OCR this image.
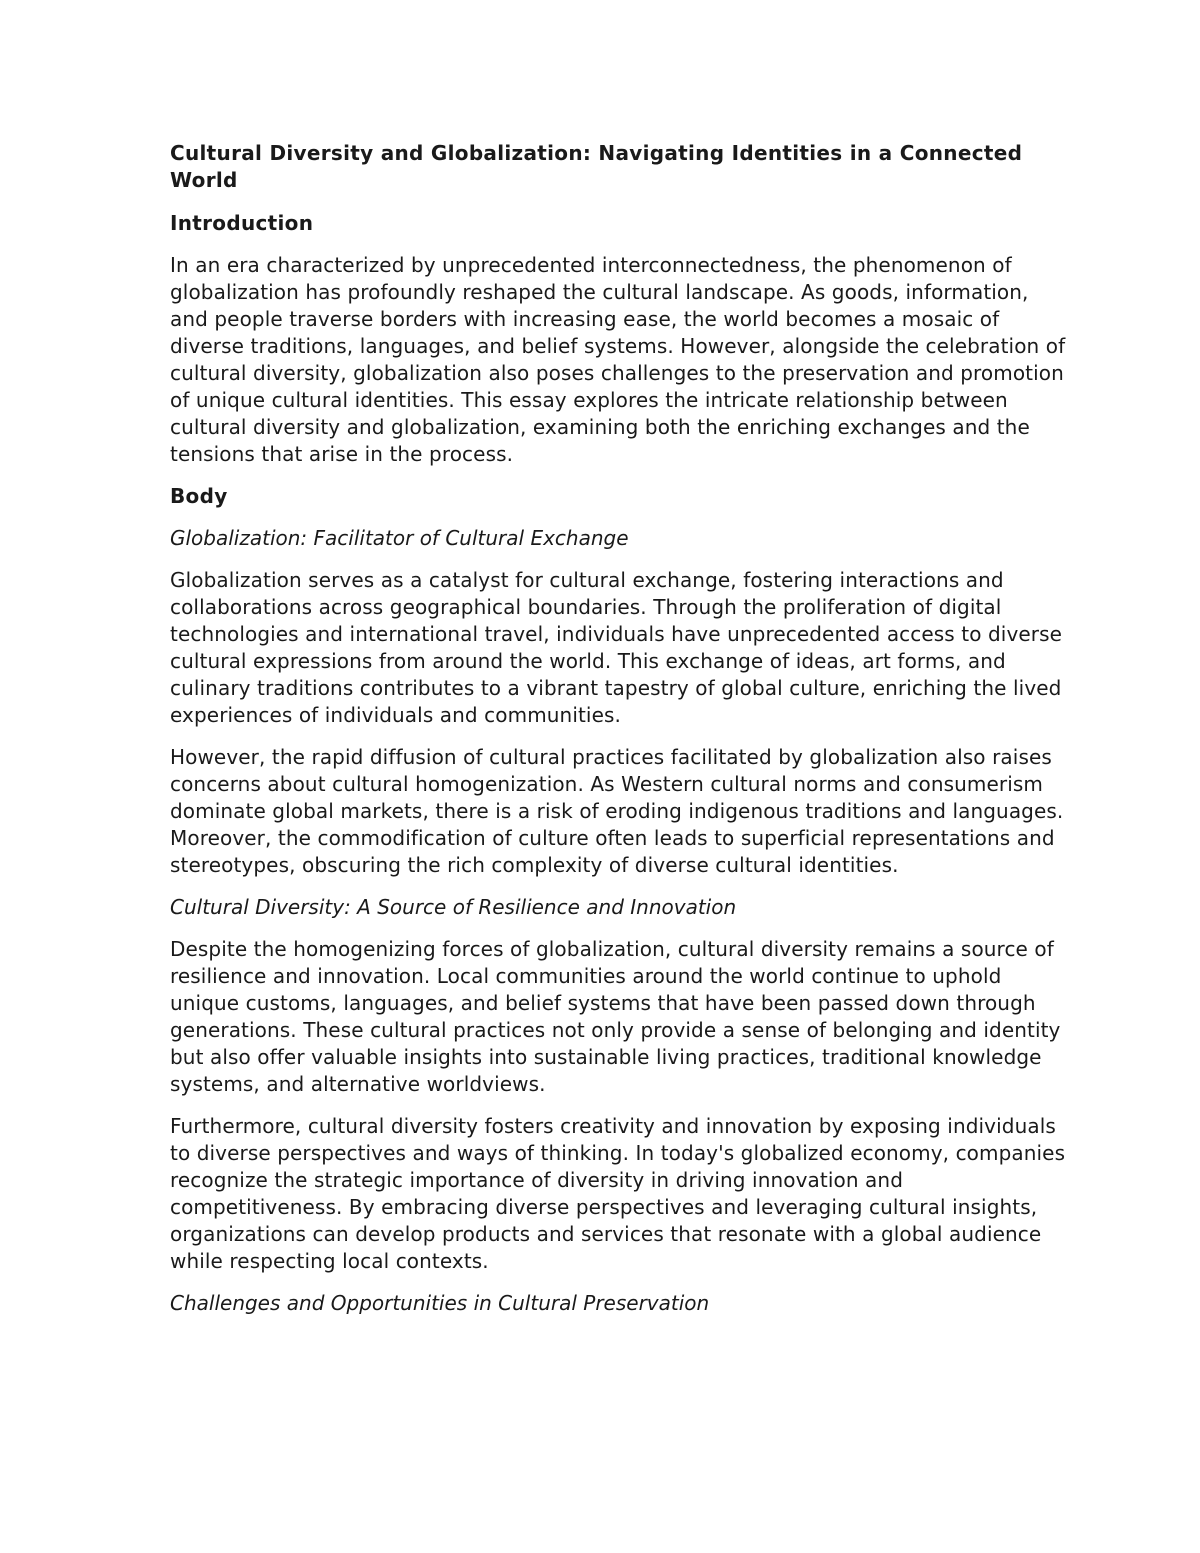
Cultural Diversity and Globalization: Navigating Identities in a Connected World
Introduction

In an era characterized by unprecedented interconnectedness, the phenomenon of globalization has profoundly reshaped the cultural landscape. As goods, information, and people traverse borders with increasing ease, the world becomes a mosaic of diverse traditions, languages, and belief systems. However, alongside the celebration of cultural diversity, globalization also poses challenges to the preservation and promotion of unique cultural identities. This essay explores the intricate relationship between cultural diversity and globalization, examining both the enriching exchanges and the tensions that arise in the process.

Body
Globalization: Facilitator of Cultural Exchange

Globalization serves as a catalyst for cultural exchange, fostering interactions and collaborations across geographical boundaries. Through the proliferation of digital technologies and international travel, individuals have unprecedented access to diverse cultural expressions from around the world. This exchange of ideas, art forms, and culinary traditions contributes to a vibrant tapestry of global culture, enriching the lived experiences of individuals and communities.

However, the rapid diffusion of cultural practices facilitated by globalization also raises concerns about cultural homogenization. As Western cultural norms and consumerism dominate global markets, there is a risk of eroding indigenous traditions and languages. Moreover, the commodification of culture often leads to superficial representations and stereotypes, obscuring the rich complexity of diverse cultural identities.

Cultural Diversity: A Source of Resilience and Innovation

Despite the homogenizing forces of globalization, cultural diversity remains a source of resilience and innovation. Local communities around the world continue to uphold unique customs, languages, and belief systems that have been passed down through generations. These cultural practices not only provide a sense of belonging and identity but also offer valuable insights into sustainable living practices, traditional knowledge systems, and alternative worldviews.

Furthermore, cultural diversity fosters creativity and innovation by exposing individuals to diverse perspectives and ways of thinking. In today's globalized economy, companies recognize the strategic importance of diversity in driving innovation and competitiveness. By embracing diverse perspectives and leveraging cultural insights, organizations can develop products and services that resonate with a global audience while respecting local contexts.

Challenges and Opportunities in Cultural Preservation
